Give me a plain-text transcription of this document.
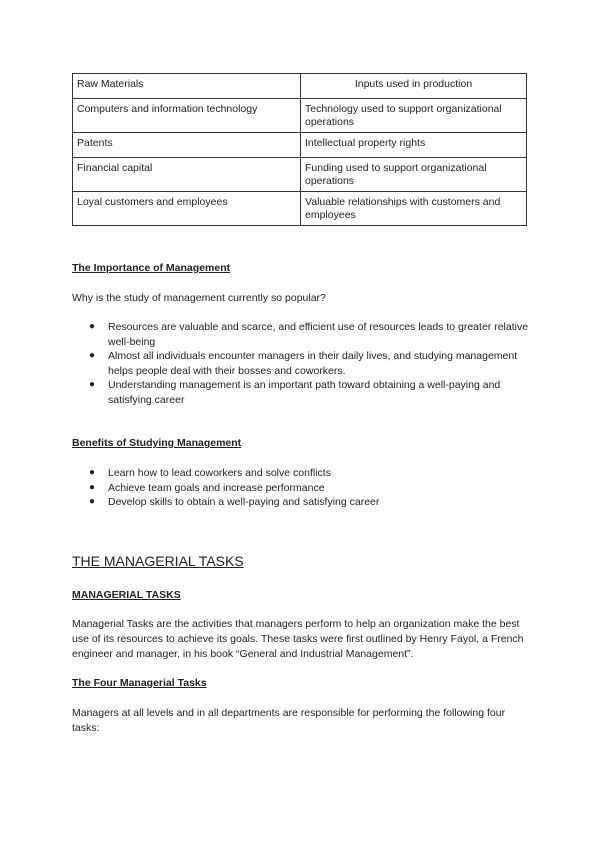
Raw Materials	Inputs used in production
Computers and information technology	Technology used to support organizational operations
Patents	Intellectual property rights
Financial capital	Funding used to support organizational operations
Loyal customers and employees	Valuable relationships with customers and employees
The Importance of Management

Why is the study of management currently so popular?

● Resources are valuable and scarce, and efficient use of resources leads to greater relative well-being
● Almost all individuals encounter managers in their daily lives, and studying management helps people deal with their bosses and coworkers.
● Understanding management is an important path toward obtaining a well-paying and satisfying career
Benefits of Studying Management
● Learn how to lead coworkers and solve conflicts
● Achieve team goals and increase performance
● Develop skills to obtain a well-paying and satisfying career
THE MANAGERIAL TASKS
MANAGERIAL TASKS

Managerial Tasks are the activities that managers perform to help an organization make the best use of its resources to achieve its goals. These tasks were first outlined by Henry Fayol, a French engineer and manager, in his book “General and Industrial Management”.

The Four Managerial Tasks

Managers at all levels and in all departments are responsible for performing the following four tasks:
